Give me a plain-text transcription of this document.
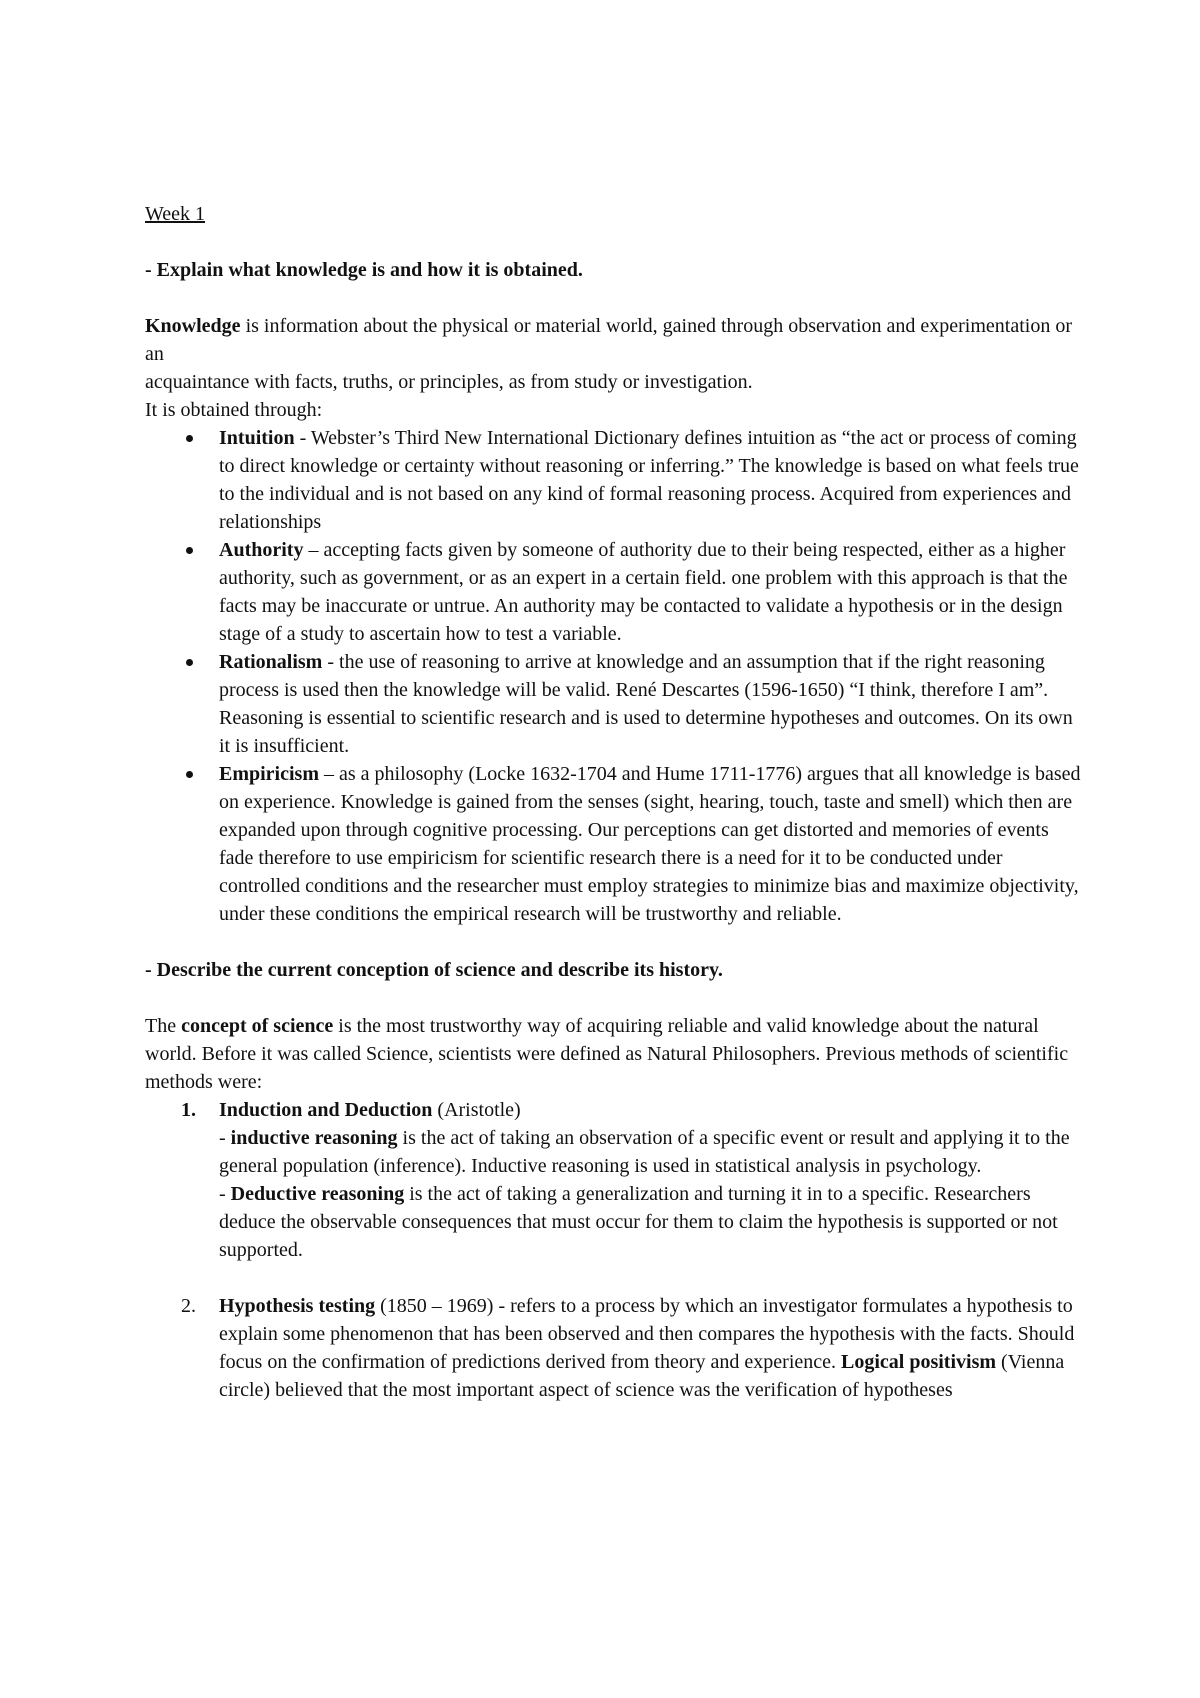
Week 1

- Explain what knowledge is and how it is obtained.

Knowledge is information about the physical or material world, gained through observation and experimentation or an

acquaintance with facts, truths, or principles, as from study or investigation.

It is obtained through:

Intuition - Webster’s Third New International Dictionary defines intuition as “the act or process of coming to direct knowledge or certainty without reasoning or inferring.” The knowledge is based on what feels true to the individual and is not based on any kind of formal reasoning process. Acquired from experiences and relationships
Authority – accepting facts given by someone of authority due to their being respected, either as a higher authority, such as government, or as an expert in a certain field. one problem with this approach is that the facts may be inaccurate or untrue. An authority may be contacted to validate a hypothesis or in the design stage of a study to ascertain how to test a variable.
Rationalism - the use of reasoning to arrive at knowledge and an assumption that if the right reasoning process is used then the knowledge will be valid. René Descartes (1596-1650) “I think, therefore I am”. Reasoning is essential to scientific research and is used to determine hypotheses and outcomes. On its own it is insufficient.
Empiricism – as a philosophy (Locke 1632-1704 and Hume 1711-1776) argues that all knowledge is based on experience. Knowledge is gained from the senses (sight, hearing, touch, taste and smell) which then are expanded upon through cognitive processing. Our perceptions can get distorted and memories of events fade therefore to use empiricism for scientific research there is a need for it to be conducted under controlled conditions and the researcher must employ strategies to minimize bias and maximize objectivity, under these conditions the empirical research will be trustworthy and reliable.

- Describe the current conception of science and describe its history.

The concept of science is the most trustworthy way of acquiring reliable and valid knowledge about the natural world. Before it was called Science, scientists were defined as Natural Philosophers. Previous methods of scientific methods were:

1. Induction and Deduction (Aristotle)
- inductive reasoning is the act of taking an observation of a specific event or result and applying it to the general population (inference). Inductive reasoning is used in statistical analysis in psychology.
- Deductive reasoning is the act of taking a generalization and turning it in to a specific. Researchers deduce the observable consequences that must occur for them to claim the hypothesis is supported or not supported.
2. Hypothesis testing (1850 – 1969) - refers to a process by which an investigator formulates a hypothesis to explain some phenomenon that has been observed and then compares the hypothesis with the facts. Should focus on the confirmation of predictions derived from theory and experience. Logical positivism (Vienna circle) believed that the most important aspect of science was the verification of hypotheses
